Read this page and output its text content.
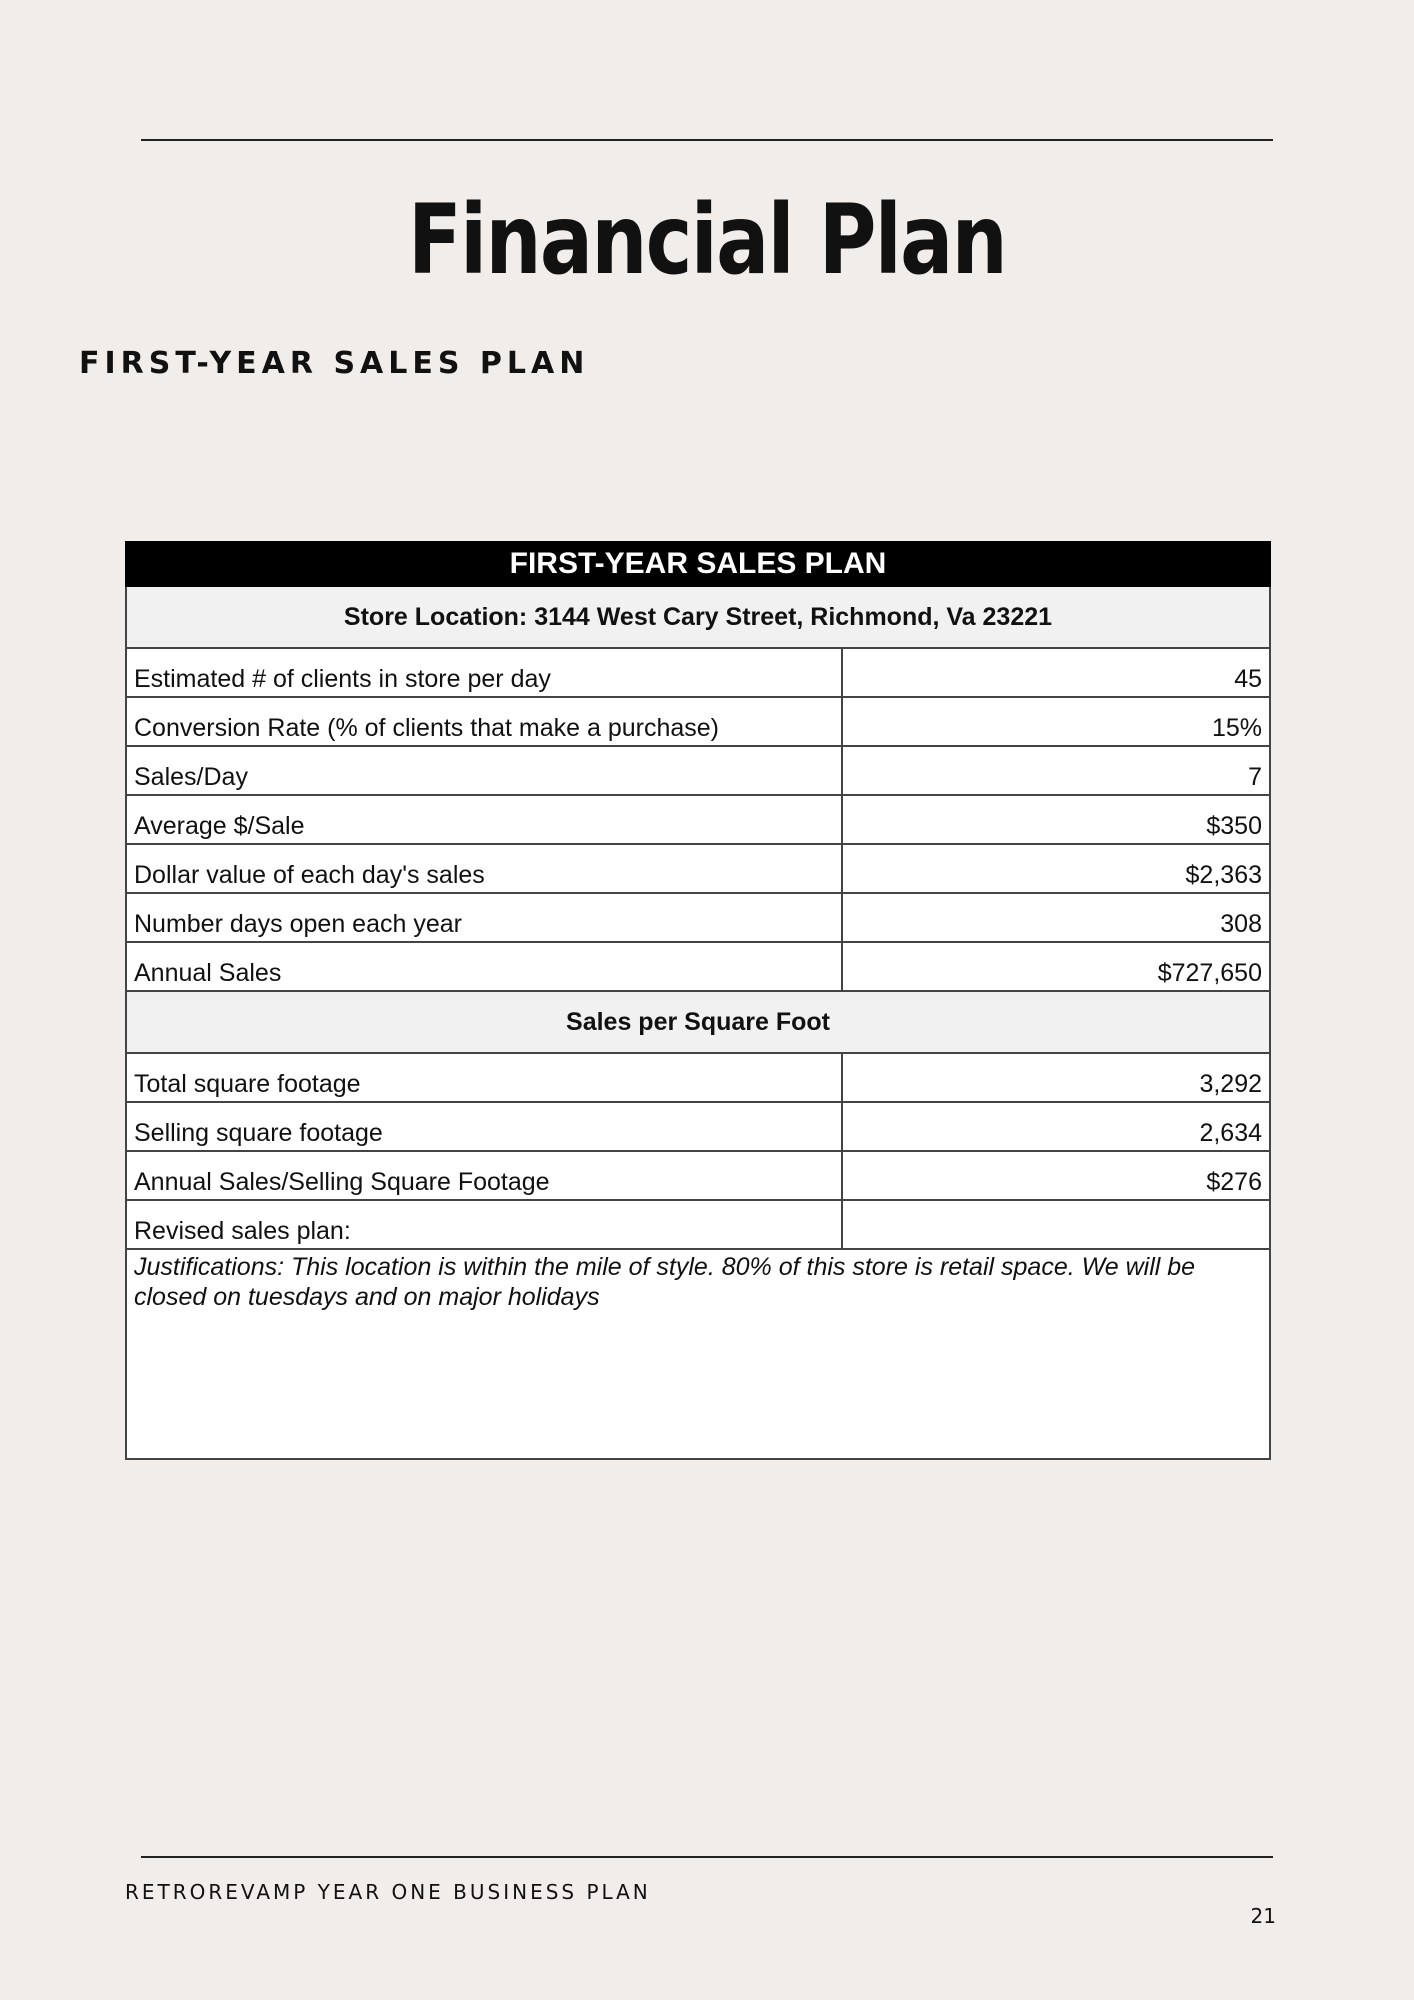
Financial Plan
FIRST-YEAR SALES PLAN
FIRST-YEAR SALES PLAN	
Store Location: 3144 West Cary Street, Richmond, Va 23221	
Estimated # of clients in store per day	45
Conversion Rate (% of clients that make a purchase)	15%
Sales/Day	7
Average $/Sale	$350
Dollar value of each day's sales	$2,363
Number days open each year	308
Annual Sales	$727,650
Sales per Square Foot	
Total square footage	3,292
Selling square footage	2,634
Annual Sales/Selling Square Footage	$276
Revised sales plan:	
Justifications: This location is within the mile of style. 80% of this store is retail space. We will be closed on tuesdays and on major holidays	
RETROREVAMP YEAR ONE BUSINESS PLAN
21
